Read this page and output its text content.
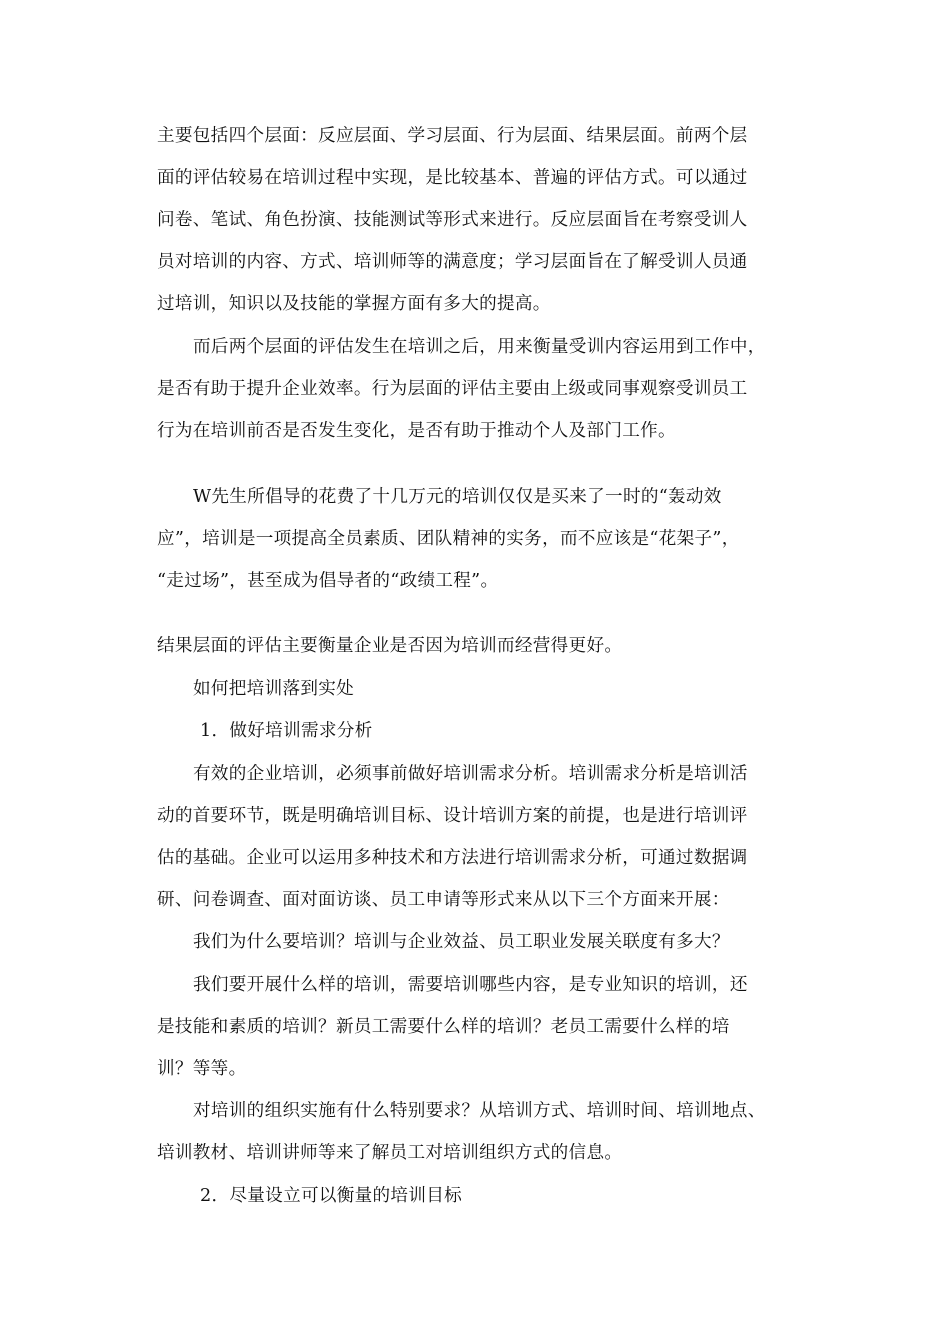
主要包括四个层面：反应层面、学习层面、行为层面、结果层面。前两个层
面的评估较易在培训过程中实现，是比较基本、普遍的评估方式。可以通过
问卷、笔试、角色扮演、技能测试等形式来进行。反应层面旨在考察受训人
员对培训的内容、方式、培训师等的满意度；学习层面旨在了解受训人员通
过培训，知识以及技能的掌握方面有多大的提高。
而后两个层面的评估发生在培训之后，用来衡量受训内容运用到工作中，
是否有助于提升企业效率。行为层面的评估主要由上级或同事观察受训员工
行为在培训前否是否发生变化，是否有助于推动个人及部门工作。
W先生所倡导的花费了十几万元的培训仅仅是买来了一时的“轰动效
应”，培训是一项提高全员素质、团队精神的实务，而不应该是“花架子”，
“走过场”，甚至成为倡导者的“政绩工程”。
结果层面的评估主要衡量企业是否因为培训而经营得更好。
如何把培训落到实处
1．做好培训需求分析
有效的企业培训，必须事前做好培训需求分析。培训需求分析是培训活
动的首要环节，既是明确培训目标、设计培训方案的前提，也是进行培训评
估的基础。企业可以运用多种技术和方法进行培训需求分析，可通过数据调
研、问卷调查、面对面访谈、员工申请等形式来从以下三个方面来开展：
我们为什么要培训？培训与企业效益、员工职业发展关联度有多大？
我们要开展什么样的培训，需要培训哪些内容，是专业知识的培训，还
是技能和素质的培训？新员工需要什么样的培训？老员工需要什么样的培
训？等等。
对培训的组织实施有什么特别要求？从培训方式、培训时间、培训地点、
培训教材、培训讲师等来了解员工对培训组织方式的信息。
2．尽量设立可以衡量的培训目标
